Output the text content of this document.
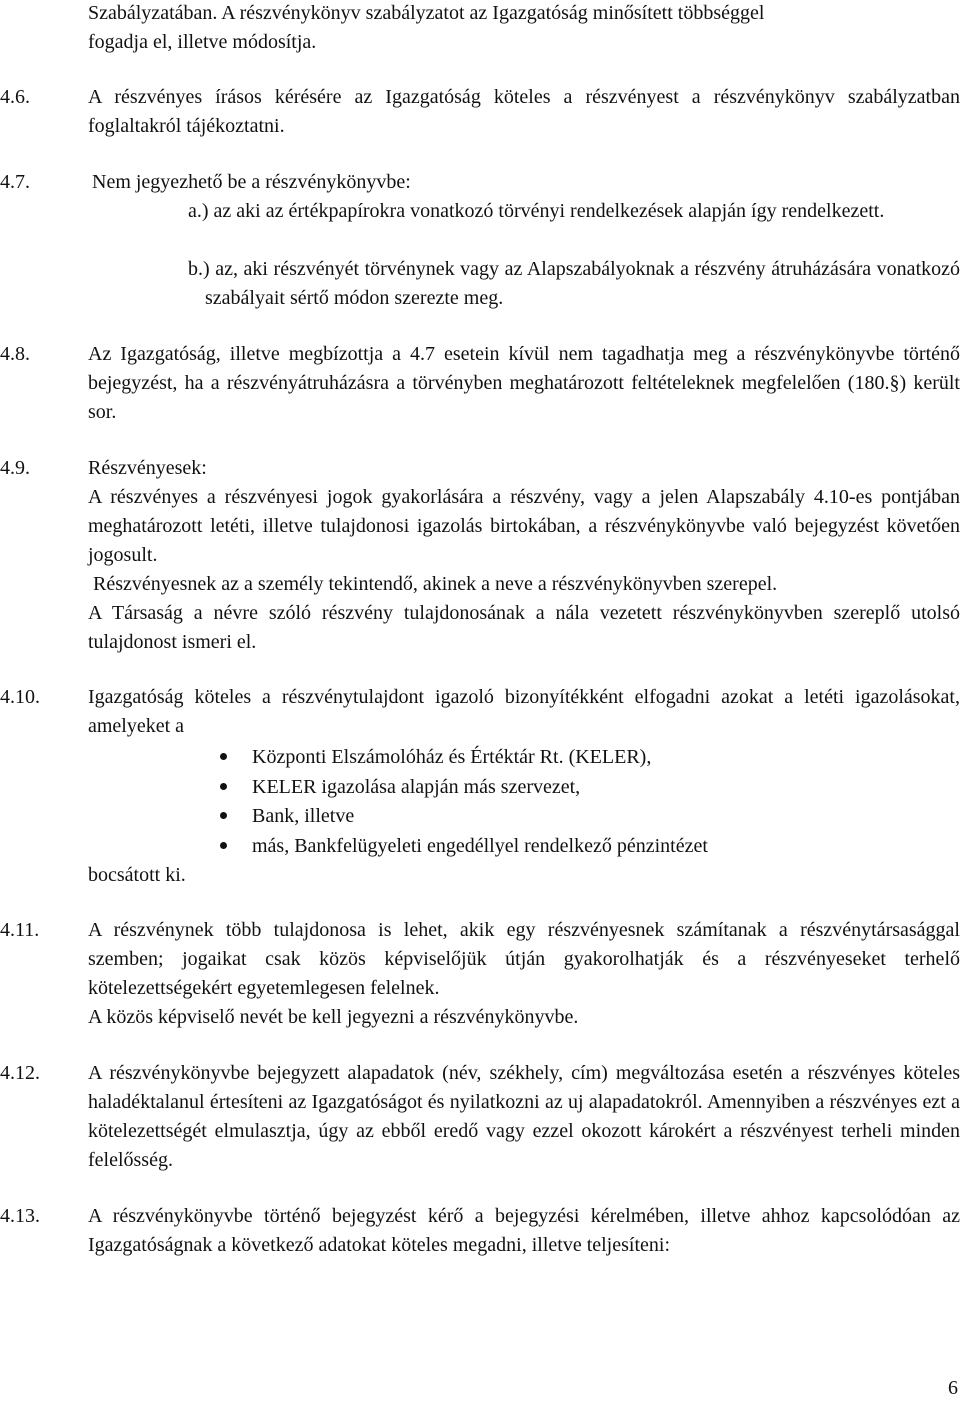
Szabályzatában. A részvénykönyv szabályzatot az Igazgatóság minősített többséggel
fogadja el, illetve módosítja.
4.6.	A részvényes írásos kérésére az Igazgatóság köteles a részvényest a részvénykönyv szabályzatban foglaltakról tájékoztatni.
4.7.	Nem jegyezhető be a részvénykönyvbe:
a.) az aki az értékpapírokra vonatkozó törvényi rendelkezések alapján így rendelkezett.
b.) az, aki részvényét törvénynek vagy az Alapszabályoknak a részvény átruházására vonatkozó szabályait sértő módon szerezte meg.
4.8.	Az Igazgatóság, illetve megbízottja a 4.7 esetein kívül nem tagadhatja meg a részvénykönyvbe történő bejegyzést, ha a részvényátruházásra a törvényben meghatározott feltételeknek megfelelően (180.§) került sor.
4.9.	Részvényesek:
A részvényes a részvényesi jogok gyakorlására a részvény, vagy a jelen Alapszabály 4.10-es pontjában meghatározott letéti, illetve tulajdonosi igazolás birtokában, a részvénykönyvbe való bejegyzést követően jogosult.
Részvényesnek az a személy tekintendő, akinek a neve a részvénykönyvben szerepel.
A Társaság a névre szóló részvény tulajdonosának a nála vezetett részvénykönyvben szereplő utolsó tulajdonost ismeri el.
4.10.	Igazgatóság köteles a részvénytulajdont igazoló bizonyítékként elfogadni azokat a letéti igazolásokat, amelyeket a
Központi Elszámolóház és Értéktár Rt. (KELER),
KELER igazolása alapján más szervezet,
Bank, illetve
más, Bankfelügyeleti engedéllyel rendelkező pénzintézet
bocsátott ki.
4.11.	A részvénynek több tulajdonosa is lehet, akik egy részvényesnek számítanak a részvénytársasággal szemben; jogaikat csak közös képviselőjük útján gyakorolhatják és a részvényeseket terhelő kötelezettségekért egyetemlegesen felelnek.
A közös képviselő nevét be kell jegyezni a részvénykönyvbe.
4.12.	A részvénykönyvbe bejegyzett alapadatok (név, székhely, cím) megváltozása esetén a részvényes köteles haladéktalanul értesíteni az Igazgatóságot és nyilatkozni az uj alapadatokról. Amennyiben a részvényes ezt a kötelezettségét elmulasztja, úgy az ebből eredő vagy ezzel okozott károkért a részvényest terheli minden felelősség.
4.13.	A részvénykönyvbe történő bejegyzést kérő a bejegyzési kérelmében, illetve ahhoz kapcsolódóan az Igazgatóságnak a következő adatokat köteles megadni, illetve teljesíteni:
6
